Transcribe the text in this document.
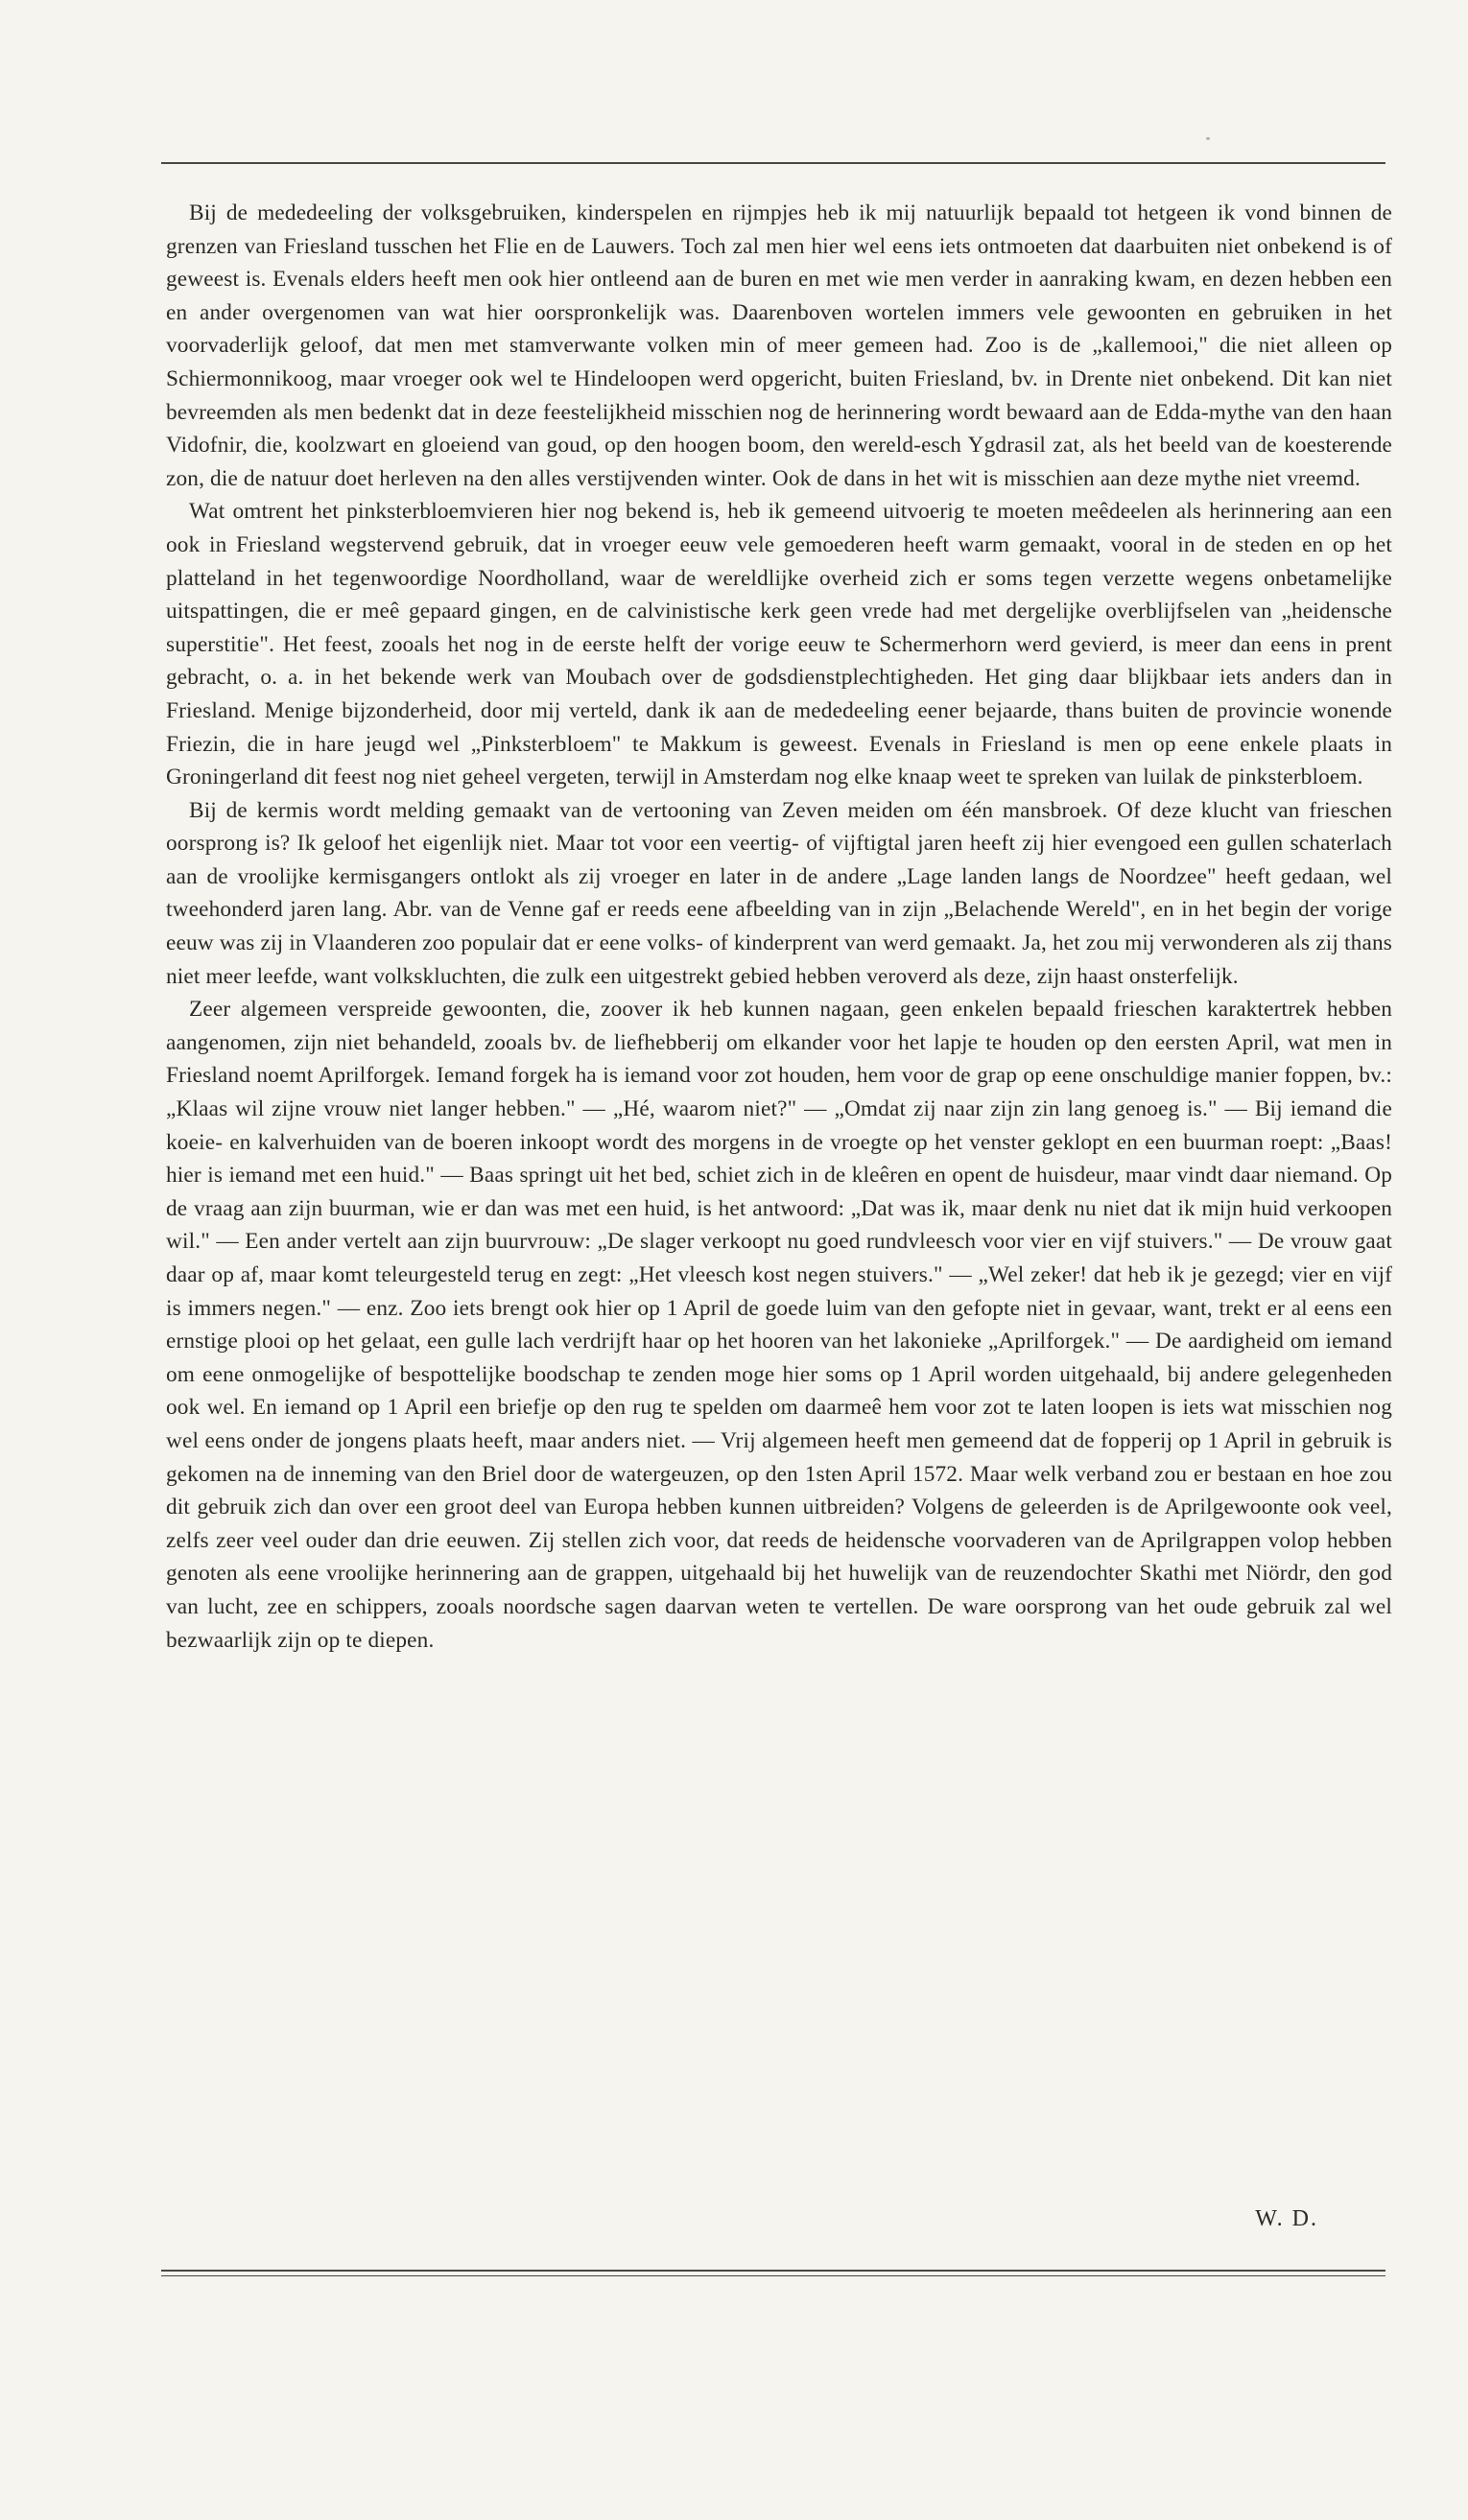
Bij de mededeeling der volksgebruiken, kinderspelen en rijmpjes heb ik mij natuurlijk bepaald tot hetgeen ik vond binnen de grenzen van Friesland tusschen het Flie en de Lauwers. Toch zal men hier wel eens iets ontmoeten dat daarbuiten niet onbekend is of geweest is. Evenals elders heeft men ook hier ontleend aan de buren en met wie men verder in aanraking kwam, en dezen hebben een en ander overgenomen van wat hier oorspronkelijk was. Daarenboven wortelen immers vele gewoonten en gebruiken in het voorvaderlijk geloof, dat men met stamverwante volken min of meer gemeen had. Zoo is de „kallemooi," die niet alleen op Schiermonnikoog, maar vroeger ook wel te Hindeloopen werd opgericht, buiten Friesland, bv. in Drente niet onbekend. Dit kan niet bevreemden als men bedenkt dat in deze feestelijkheid misschien nog de herinnering wordt bewaard aan de Edda-mythe van den haan Vidofnir, die, koolzwart en gloeiend van goud, op den hoogen boom, den wereld-esch Ygdrasil zat, als het beeld van de koesterende zon, die de natuur doet herleven na den alles verstijvenden winter. Ook de dans in het wit is misschien aan deze mythe niet vreemd.

Wat omtrent het pinksterbloemvieren hier nog bekend is, heb ik gemeend uitvoerig te moeten meêdeelen als herinnering aan een ook in Friesland wegstervend gebruik, dat in vroeger eeuw vele gemoederen heeft warm gemaakt, vooral in de steden en op het platteland in het tegenwoordige Noordholland, waar de wereldlijke overheid zich er soms tegen verzette wegens onbetamelijke uitspattingen, die er meê gepaard gingen, en de calvinistische kerk geen vrede had met dergelijke overblijfselen van „heidensche superstitie". Het feest, zooals het nog in de eerste helft der vorige eeuw te Schermerhorn werd gevierd, is meer dan eens in prent gebracht, o. a. in het bekende werk van Moubach over de godsdienstplechtigheden. Het ging daar blijkbaar iets anders dan in Friesland. Menige bijzonderheid, door mij verteld, dank ik aan de mededeeling eener bejaarde, thans buiten de provincie wonende Friezin, die in hare jeugd wel „Pinksterbloem" te Makkum is geweest. Evenals in Friesland is men op eene enkele plaats in Groningerland dit feest nog niet geheel vergeten, terwijl in Amsterdam nog elke knaap weet te spreken van luilak de pinksterbloem.

Bij de kermis wordt melding gemaakt van de vertooning van Zeven meiden om één mansbroek. Of deze klucht van frieschen oorsprong is? Ik geloof het eigenlijk niet. Maar tot voor een veertig- of vijftigtal jaren heeft zij hier evengoed een gullen schaterlach aan de vroolijke kermisgangers ontlokt als zij vroeger en later in de andere „Lage landen langs de Noordzee" heeft gedaan, wel tweehonderd jaren lang. Abr. van de Venne gaf er reeds eene afbeelding van in zijn „Belachende Wereld", en in het begin der vorige eeuw was zij in Vlaanderen zoo populair dat er eene volks- of kinderprent van werd gemaakt. Ja, het zou mij verwonderen als zij thans niet meer leefde, want volkskluchten, die zulk een uitgestrekt gebied hebben veroverd als deze, zijn haast onsterfelijk.

Zeer algemeen verspreide gewoonten, die, zoover ik heb kunnen nagaan, geen enkelen bepaald frieschen karaktertrek hebben aangenomen, zijn niet behandeld, zooals bv. de liefhebberij om elkander voor het lapje te houden op den eersten April, wat men in Friesland noemt Aprilforgek. Iemand forgek ha is iemand voor zot houden, hem voor de grap op eene onschuldige manier foppen, bv.: „Klaas wil zijne vrouw niet langer hebben." — „Hé, waarom niet?" — „Omdat zij naar zijn zin lang genoeg is." — Bij iemand die koeie- en kalverhuiden van de boeren inkoopt wordt des morgens in de vroegte op het venster geklopt en een buurman roept: „Baas! hier is iemand met een huid." — Baas springt uit het bed, schiet zich in de kleêren en opent de huisdeur, maar vindt daar niemand. Op de vraag aan zijn buurman, wie er dan was met een huid, is het antwoord: „Dat was ik, maar denk nu niet dat ik mijn huid verkoopen wil." — Een ander vertelt aan zijn buurvrouw: „De slager verkoopt nu goed rundvleesch voor vier en vijf stuivers." — De vrouw gaat daar op af, maar komt teleurgesteld terug en zegt: „Het vleesch kost negen stuivers." — „Wel zeker! dat heb ik je gezegd; vier en vijf is immers negen." — enz. Zoo iets brengt ook hier op 1 April de goede luim van den gefopte niet in gevaar, want, trekt er al eens een ernstige plooi op het gelaat, een gulle lach verdrijft haar op het hooren van het lakonieke „Aprilforgek." — De aardigheid om iemand om eene onmogelijke of bespottelijke boodschap te zenden moge hier soms op 1 April worden uitgehaald, bij andere gelegenheden ook wel. En iemand op 1 April een briefje op den rug te spelden om daarmeê hem voor zot te laten loopen is iets wat misschien nog wel eens onder de jongens plaats heeft, maar anders niet. — Vrij algemeen heeft men gemeend dat de fopperij op 1 April in gebruik is gekomen na de inneming van den Briel door de watergeuzen, op den 1sten April 1572. Maar welk verband zou er bestaan en hoe zou dit gebruik zich dan over een groot deel van Europa hebben kunnen uitbreiden? Volgens de geleerden is de Aprilgewoonte ook veel, zelfs zeer veel ouder dan drie eeuwen. Zij stellen zich voor, dat reeds de heidensche voorvaderen van de Aprilgrappen volop hebben genoten als eene vroolijke herinnering aan de grappen, uitgehaald bij het huwelijk van de reuzendochter Skathi met Niördr, den god van lucht, zee en schippers, zooals noordsche sagen daarvan weten te vertellen. De ware oorsprong van het oude gebruik zal wel bezwaarlijk zijn op te diepen.

W. D.
